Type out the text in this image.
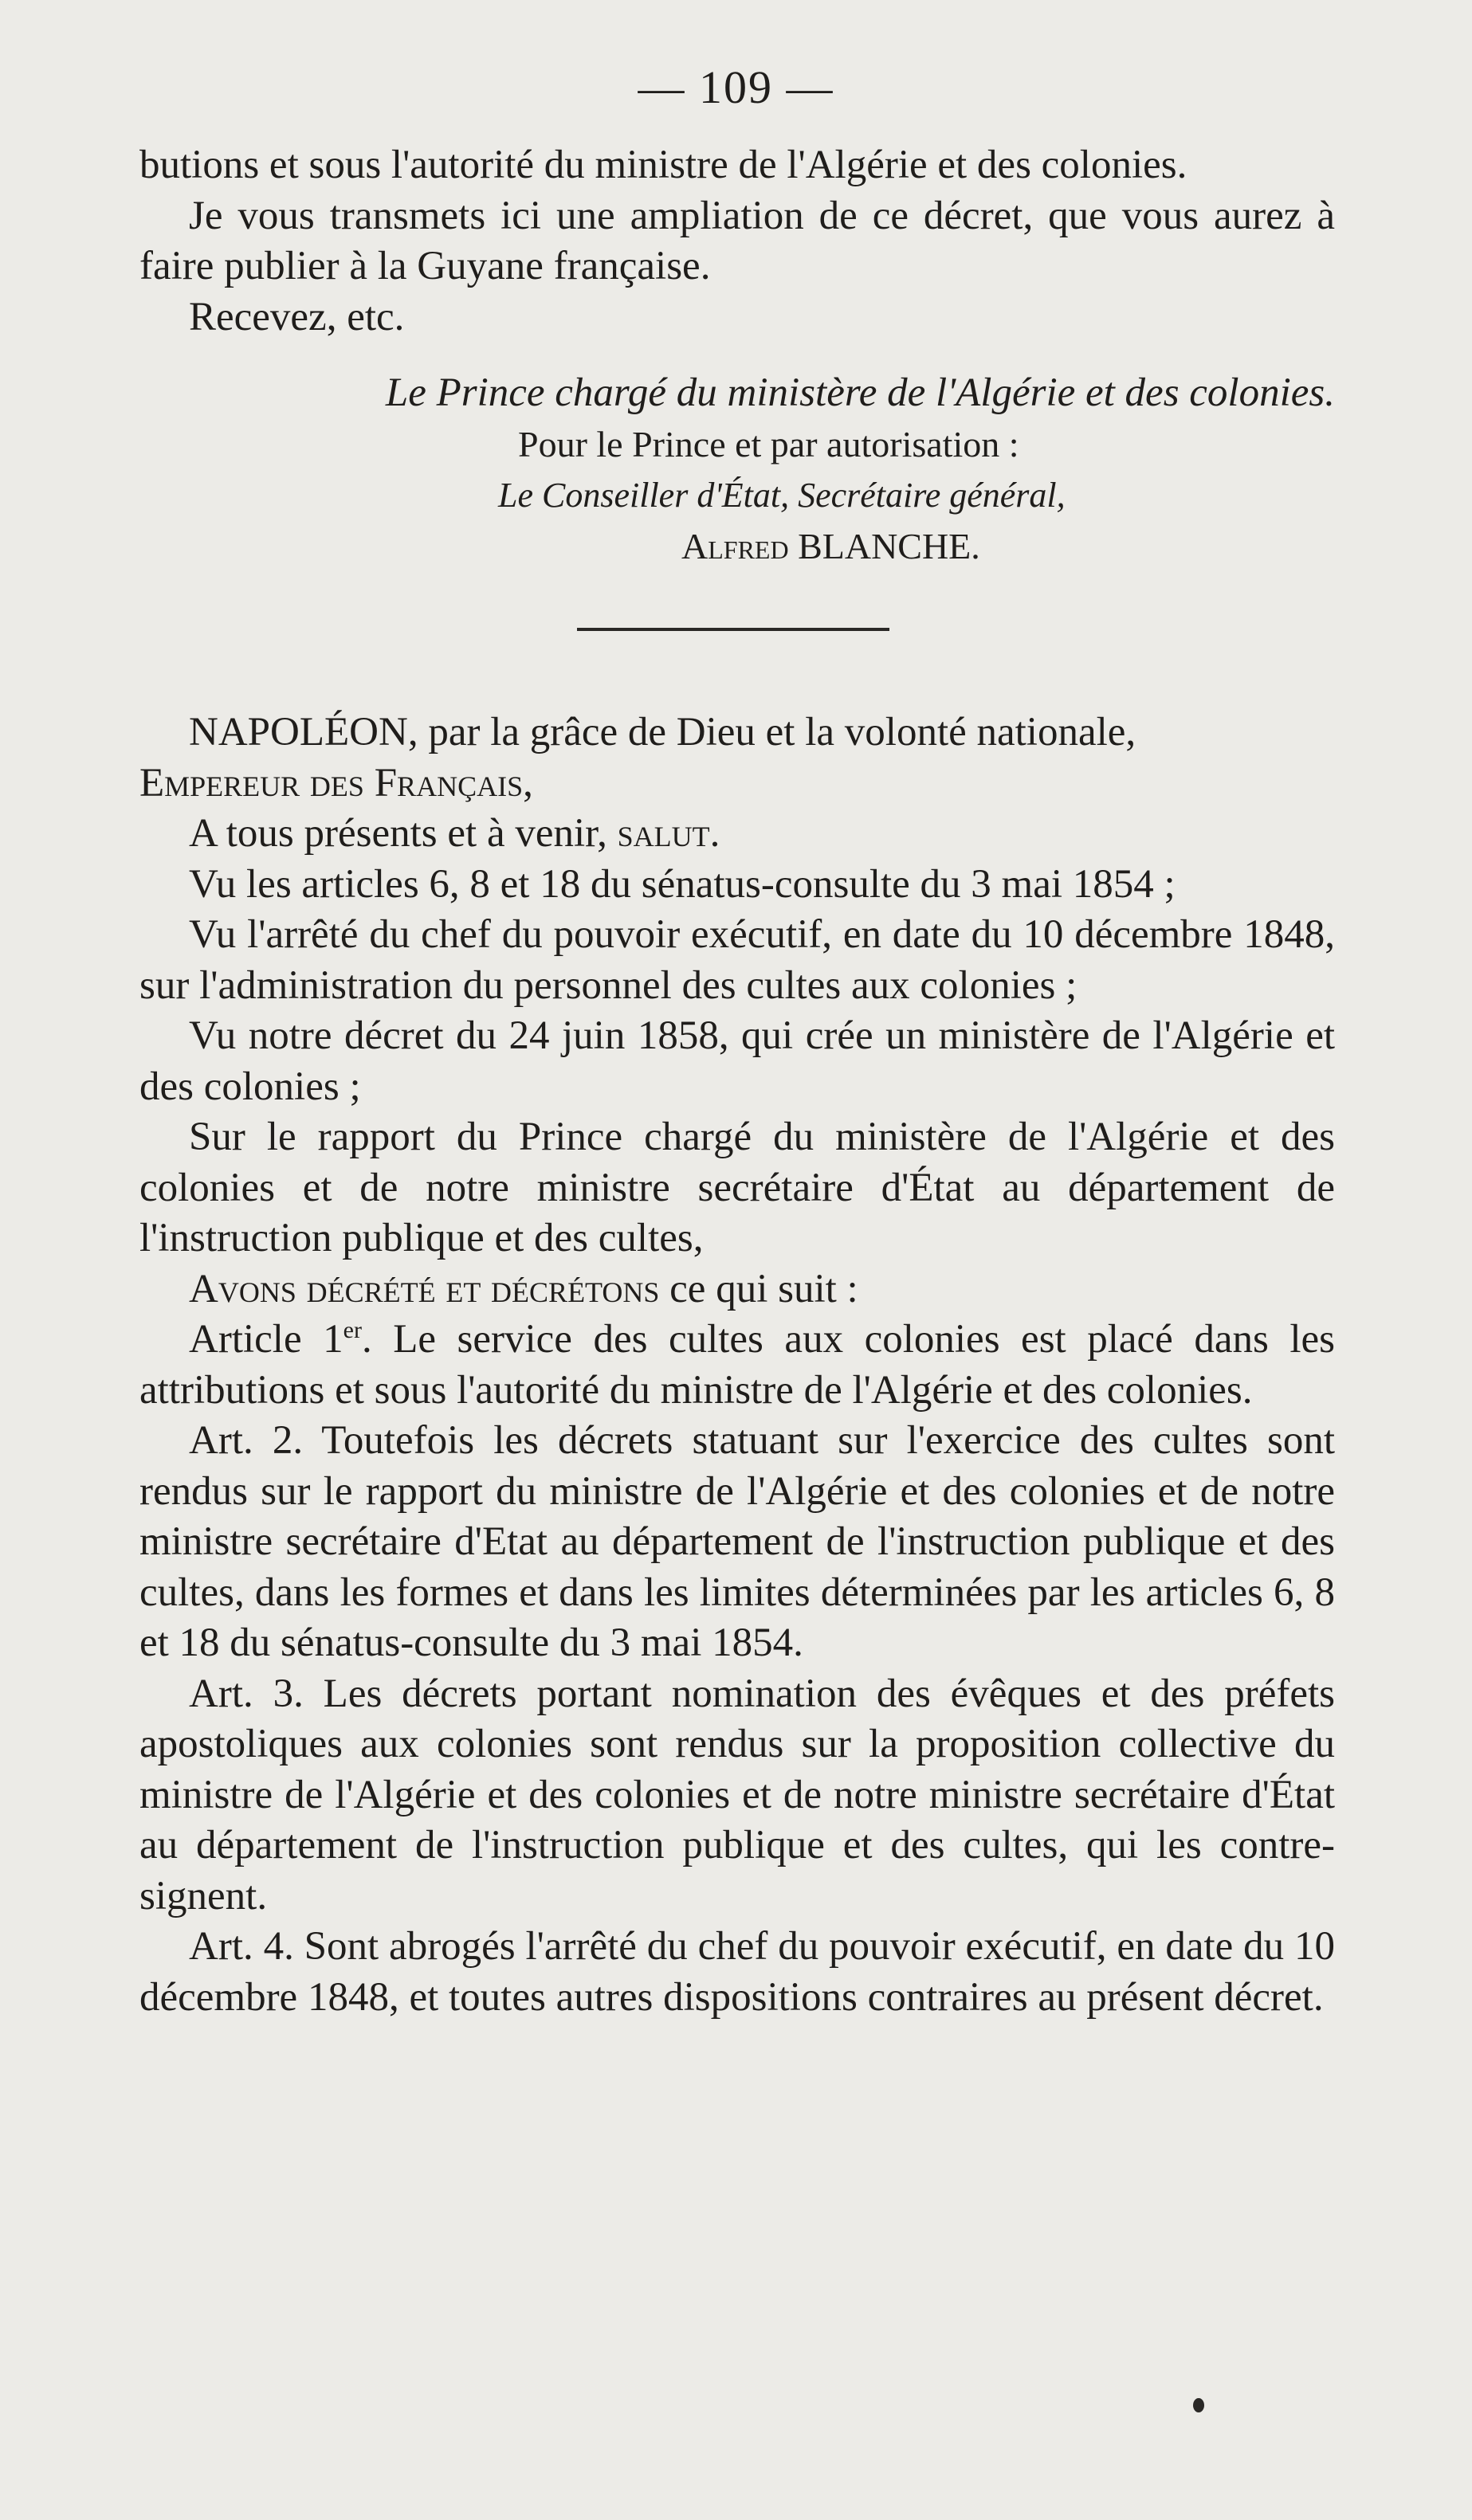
— 109 —

butions et sous l'autorité du ministre de l'Algérie et des colonies.

Je vous transmets ici une ampliation de ce décret, que vous aurez à faire publier à la Guyane française.

Recevez, etc.

Le Prince chargé du ministère de l'Algérie et des colonies.

Pour le Prince et par autorisation :

Le Conseiller d'État, Secrétaire général,

Alfred BLANCHE.

NAPOLÉON, par la grâce de Dieu et la volonté nationale,

Empereur des Français,

A tous présents et à venir, salut.

Vu les articles 6, 8 et 18 du sénatus-consulte du 3 mai 1854 ;

Vu l'arrêté du chef du pouvoir exécutif, en date du 10 décembre 1848, sur l'administration du personnel des cultes aux colonies ;

Vu notre décret du 24 juin 1858, qui crée un ministère de l'Algérie et des colonies ;

Sur le rapport du Prince chargé du ministère de l'Algérie et des colonies et de notre ministre secrétaire d'État au département de l'instruction publique et des cultes,

Avons décrété et décrétons ce qui suit :

Article 1er. Le service des cultes aux colonies est placé dans les attributions et sous l'autorité du ministre de l'Algérie et des colonies.

Art. 2. Toutefois les décrets statuant sur l'exercice des cultes sont rendus sur le rapport du ministre de l'Algérie et des colonies et de notre ministre secrétaire d'Etat au département de l'instruction publique et des cultes, dans les formes et dans les limites déterminées par les articles 6, 8 et 18 du sénatus-consulte du 3 mai 1854.

Art. 3. Les décrets portant nomination des évêques et des préfets apostoliques aux colonies sont rendus sur la proposition collective du ministre de l'Algérie et des colonies et de notre ministre secrétaire d'État au département de l'instruction publique et des cultes, qui les contre-signent.

Art. 4. Sont abrogés l'arrêté du chef du pouvoir exécutif, en date du 10 décembre 1848, et toutes autres dispositions contraires au présent décret.
